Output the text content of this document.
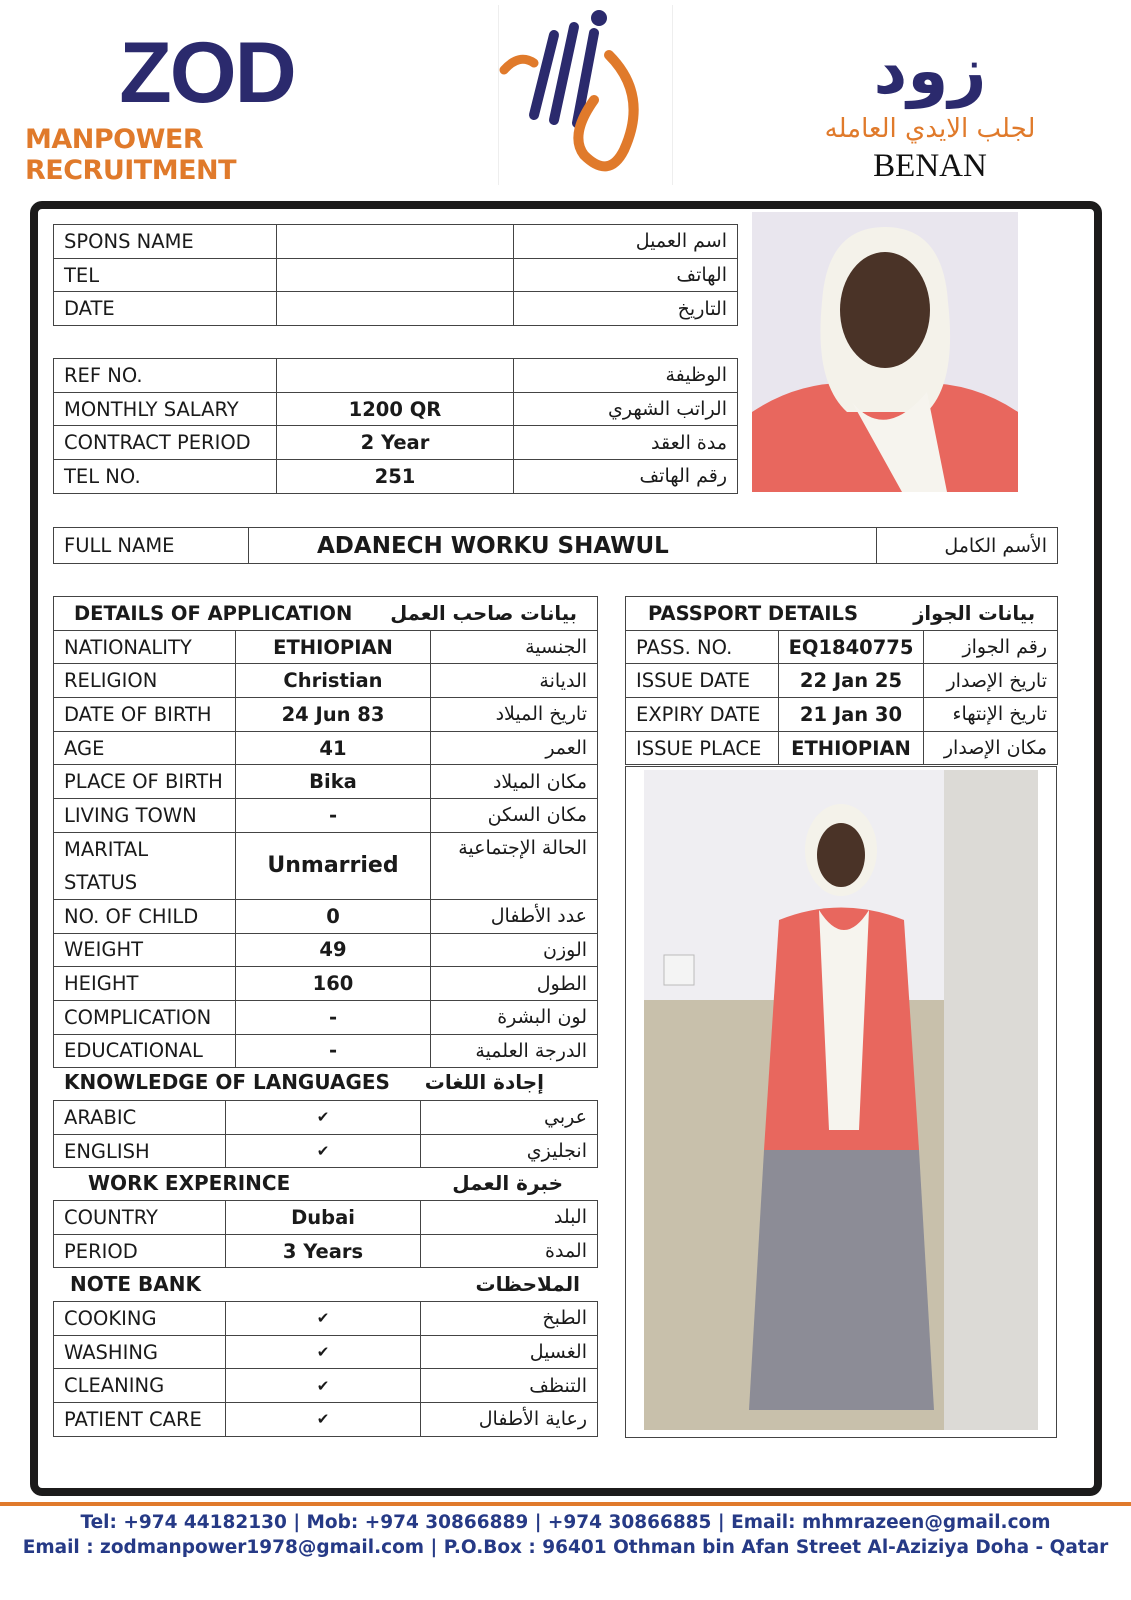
ZOD
MANPOWER RECRUITMENT
زود
لجلب الايدي العامله
BENAN
SPONS NAME		اسم العميل
TEL		الهاتف
DATE		التاريخ
REF NO.		الوظيفة
MONTHLY SALARY	1200 QR	الراتب الشهري
CONTRACT PERIOD	2 Year	مدة العقد
TEL NO.	251	رقم الهاتف
FULL NAME	ADANECH WORKU SHAWUL	الأسم الكامل
DETAILS OF APPLICATION بيانات صاحب العمل		

NATIONALITY	ETHIOPIAN	الجنسية
RELIGION	Christian	الديانة
DATE OF BIRTH	24 Jun 83	تاريخ الميلاد
AGE	41	العمر
PLACE OF BIRTH	Bika	مكان الميلاد
LIVING TOWN	-	مكان السكن

MARITAL
STATUS	Unmarried	الحالة الإجتماعية
NO. OF CHILD	0	عدد الأطفال
WEIGHT	49	الوزن
HEIGHT	160	الطول
COMPLICATION	-	لون البشرة
EDUCATIONAL	-	الدرجة العلمية
KNOWLEDGE OF LANGUAGES إجادة اللغات
ARABIC	✔	عربي
ENGLISH	✔	انجليزي
WORK EXPERINCE	خبرة العمل
COUNTRY	Dubai	البلد
PERIOD	3 Years	المدة
NOTE BANK	الملاحظات
COOKING	✔	الطبخ
WASHING	✔	الغسيل
CLEANING	✔	التنظف
PATIENT CARE	✔	رعاية الأطفال
PASSPORT DETAILS بيانات الجواز		

PASS. NO.	EQ1840775	رقم الجواز
ISSUE DATE	22 Jan 25	تاريخ الإصدار
EXPIRY DATE	21 Jan 30	تاريخ الإنتهاء
ISSUE PLACE	ETHIOPIAN	مكان الإصدار
Tel: +974 44182130 | Mob: +974 30866889 | +974 30866885 | Email: mhmrazeen@gmail.com
Email : zodmanpower1978@gmail.com | P.O.Box : 96401 Othman bin Afan Street Al-Aziziya Doha - Qatar
